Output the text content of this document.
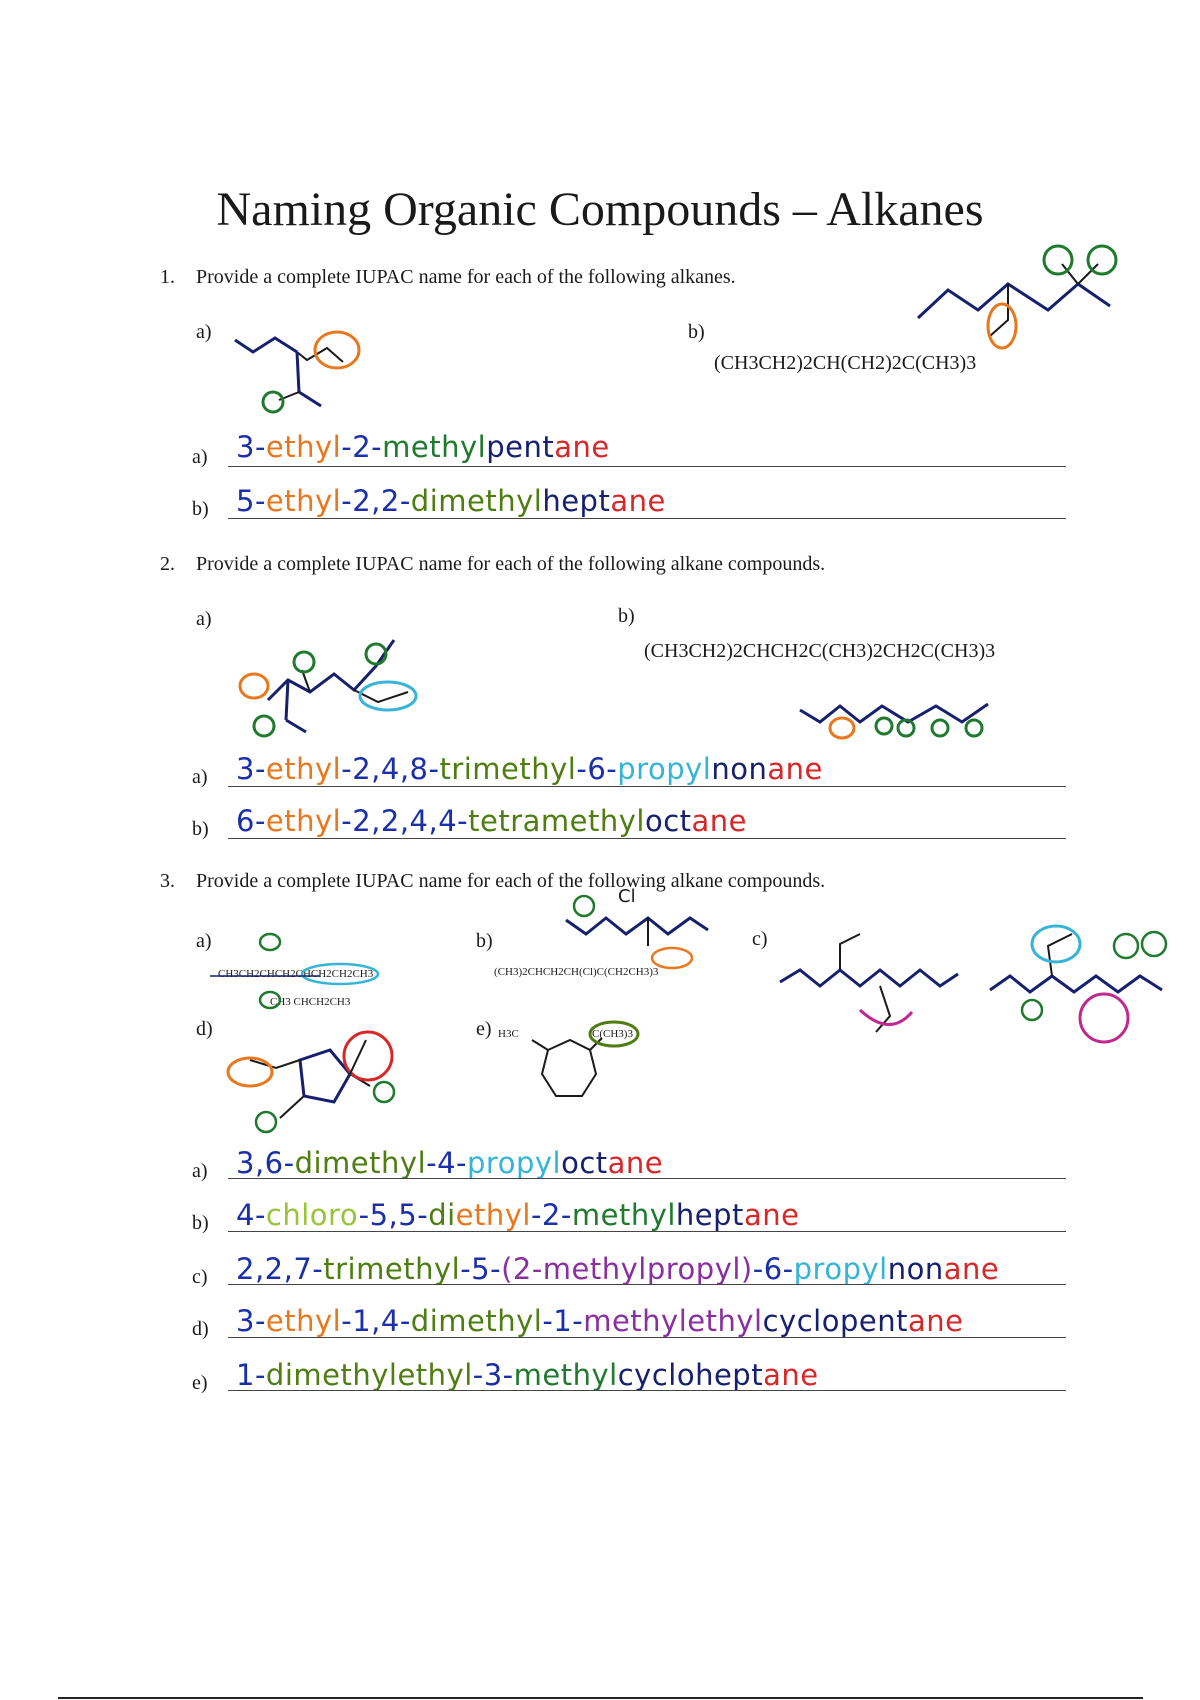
Naming Organic Compounds – Alkanes
1. Provide a complete IUPAC name for each of the following alkanes.
a)	b)
(CH3CH2)2CH(CH2)2C(CH3)3
a) 3-ethyl-2-methylpentane
b) 5-ethyl-2,2-dimethylheptane
2. Provide a complete IUPAC name for each of the following alkane compounds.
a)	b)
(CH3CH2)2CHCH2C(CH3)2CH2C(CH3)3
a) 3-ethyl-2,4,8-trimethyl-6-propylnonane
b) 6-ethyl-2,2,4,4-tetramethyloctane
3. Provide a complete IUPAC name for each of the following alkane compounds.
a)	b)	c)
d)	e)
CH3CH2CHCH2CHCH2CH2CH3
CH3 CHCH2CH3
(CH3)2CHCH2CH(Cl)C(CH2CH3)3
Cl
H3C	C(CH3)3
a) 3,6-dimethyl-4-propyloctane
b) 4-chloro-5,5-diethyl-2-methylheptane
c) 2,2,7-trimethyl-5-(2-methylpropyl)-6-propylnonane
d) 3-ethyl-1,4-dimethyl-1-methylethylcyclopentane
e) 1-dimethylethyl-3-methylcycloheptane
